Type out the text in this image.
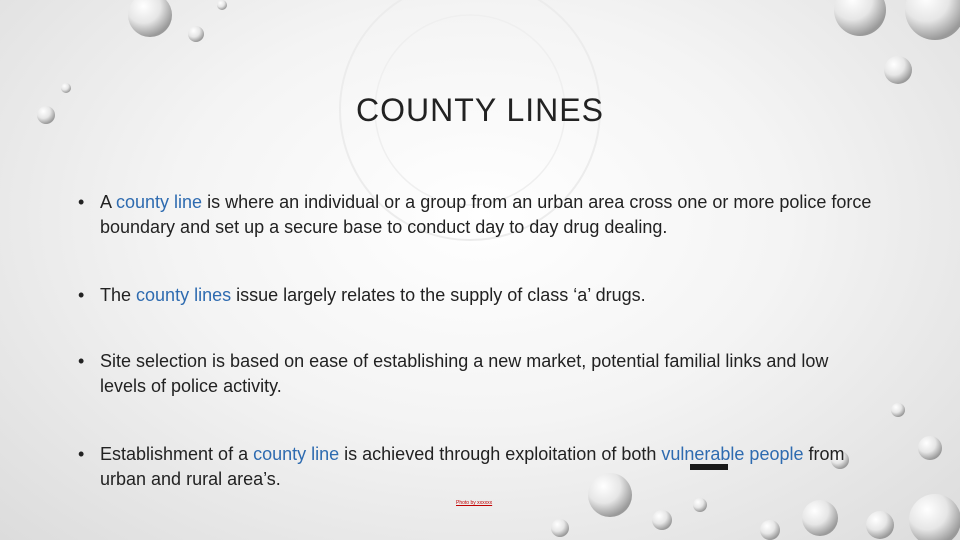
COUNTY LINES
• A county line is where an individual or a group from an urban area cross one or more police force boundary and set up a secure base to conduct day to day drug dealing.
• The county lines issue largely relates to the supply of class ‘a’ drugs.
• Site selection is based on ease of establishing a new market, potential familial links and low levels of police activity.
• Establishment of a county line is achieved through exploitation of both vulnerable people from urban and rural area’s.
Photo by xxxxxx
